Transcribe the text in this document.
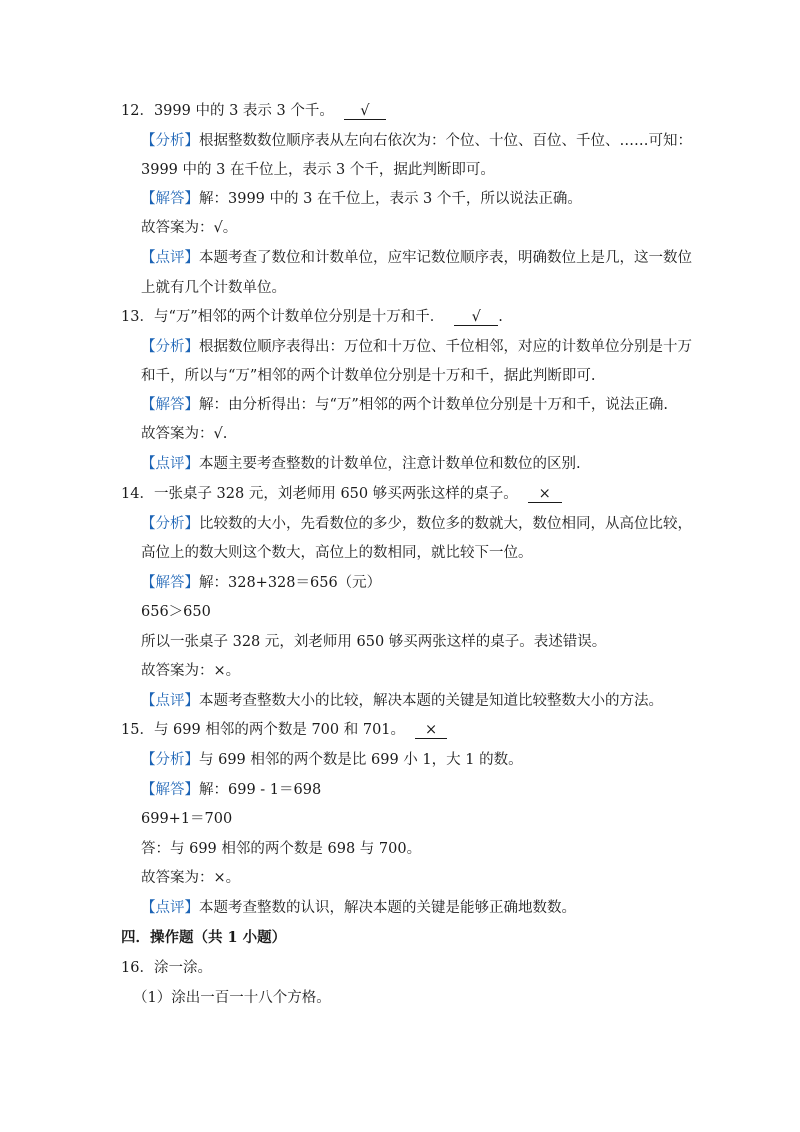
12．3999 中的 3 表示 3 个千。 √
【分析】根据整数数位顺序表从左向右依次为：个位、十位、百位、千位、……可知：
3999 中的 3 在千位上，表示 3 个千，据此判断即可。
【解答】解：3999 中的 3 在千位上，表示 3 个千，所以说法正确。
故答案为：√。
【点评】本题考查了数位和计数单位，应牢记数位顺序表，明确数位上是几，这一数位
上就有几个计数单位。
13．与“万”相邻的两个计数单位分别是十万和千． √ .
【分析】根据数位顺序表得出：万位和十万位、千位相邻，对应的计数单位分别是十万
和千，所以与“万”相邻的两个计数单位分别是十万和千，据此判断即可.
【解答】解：由分析得出：与“万”相邻的两个计数单位分别是十万和千，说法正确.
故答案为：√.
【点评】本题主要考查整数的计数单位，注意计数单位和数位的区别.
14．一张桌子 328 元，刘老师用 650 够买两张这样的桌子。 ×
【分析】比较数的大小，先看数位的多少，数位多的数就大，数位相同，从高位比较，
高位上的数大则这个数大，高位上的数相同，就比较下一位。
【解答】解：328+328＝656（元）
656＞650
所以一张桌子 328 元，刘老师用 650 够买两张这样的桌子。表述错误。
故答案为：×。
【点评】本题考查整数大小的比较，解决本题的关键是知道比较整数大小的方法。
15．与 699 相邻的两个数是 700 和 701。 ×
【分析】与 699 相邻的两个数是比 699 小 1，大 1 的数。
【解答】解：699 - 1＝698
699+1＝700
答：与 699 相邻的两个数是 698 与 700。
故答案为：×。
【点评】本题考查整数的认识，解决本题的关键是能够正确地数数。
四．操作题（共 1 小题）
16．涂一涂。
（1）涂出一百一十八个方格。
